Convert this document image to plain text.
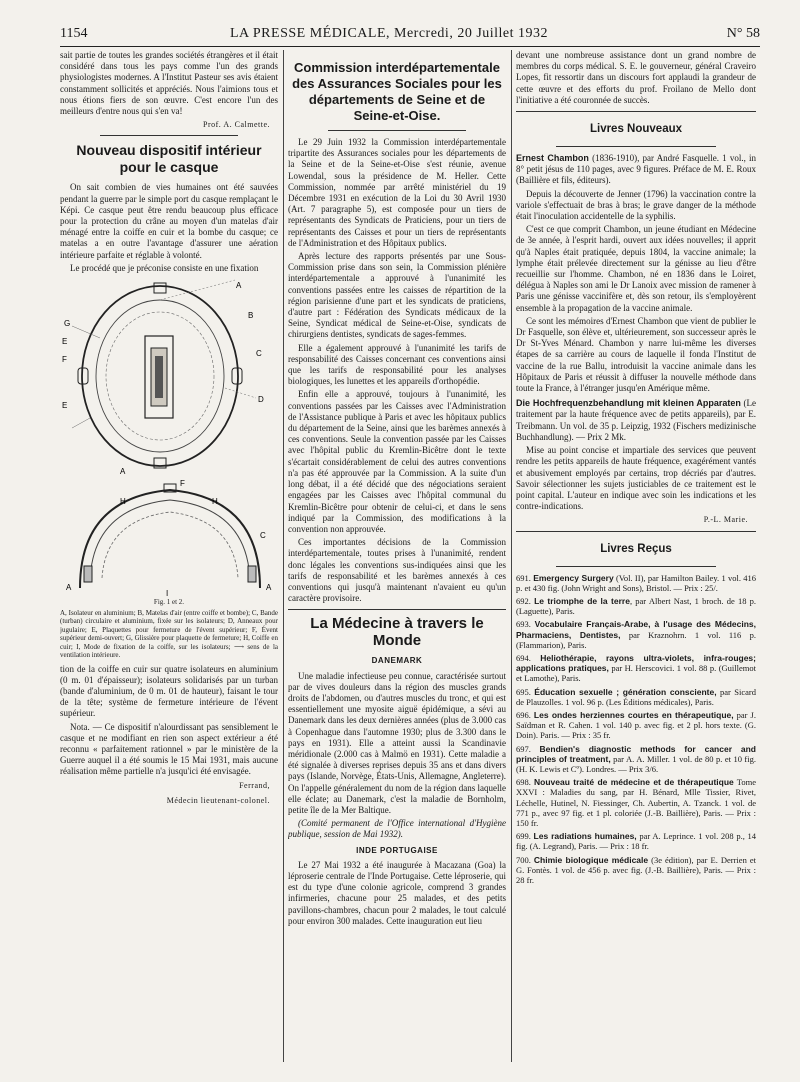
1154	LA PRESSE MÉDICALE, Mercredi, 20 Juillet 1932	N° 58

sait partie de toutes les grandes sociétés étrangères et il était considéré dans tous les pays comme l'un des grands physiologistes modernes. A l'Institut Pasteur ses avis étaient constamment sollicités et appréciés. Nous l'aimions tous et nous étions fiers de son œuvre. C'est encore l'un des meilleurs d'entre nous qui s'en va!

Prof. A. Calmette.
Nouveau dispositif intérieur pour le casque

On sait combien de vies humaines ont été sauvées pendant la guerre par le simple port du casque remplaçant le Képi. Ce casque peut être rendu beaucoup plus efficace pour la protection du crâne au moyen d'un matelas d'air ménagé entre la coiffe en cuir et la bombe du casque; ce matelas a en outre l'avantage d'assurer une aération intérieure parfaite et réglable à volonté.

Le procédé que je préconise consiste en une fixation

A
B
C
D
G
E
F
E
A
F
H	H
C
A	A
I
Fig. 1 et 2.
A, Isolateur en aluminium; B, Matelas d'air (entre coiffe et bombe); C, Bande (turban) circulaire et aluminium, fixée sur les isolateurs; D, Anneaux pour jugulaire; E, Plaquettes pour fermeture de l'évent supérieur; F, Évent supérieur demi-ouvert; G, Glissière pour plaquette de fermeture; H, Coiffe en cuir; I, Mode de fixation de la coiffe, sur les isolateurs; ⟶ sens de la ventilation intérieure.

tion de la coiffe en cuir sur quatre isolateurs en aluminium (0 m. 01 d'épaisseur); isolateurs solidarisés par un turban (bande d'aluminium, de 0 m. 01 de hauteur), faisant le tour de la tête; système de fermeture intérieure de l'évent supérieur.

Nota. — Ce dispositif n'alourdissant pas sensiblement le casque et ne modifiant en rien son aspect extérieur a été reconnu « parfaitement rationnel » par le ministère de la Guerre auquel il a été soumis le 15 Mai 1931, mais aucune réalisation même partielle n'a jusqu'ici été envisagée.

Ferrand,
Médecin lieutenant-colonel.
Commission interdépartementale des Assurances Sociales pour les départements de Seine et de Seine-et-Oise.

Le 29 Juin 1932 la Commission interdépartementale tripartite des Assurances sociales pour les départements de la Seine et de la Seine-et-Oise s'est réunie, avenue Lowendal, sous la présidence de M. Heller. Cette Commission, nommée par arrêté ministériel du 19 Décembre 1931 en exécution de la Loi du 30 Avril 1930 (Art. 7 paragraphe 5), est composée pour un tiers de représentants des Syndicats de Praticiens, pour un tiers de représentants des Caisses et pour un tiers de représentants de l'Administration et des Hôpitaux publics.

Après lecture des rapports présentés par une Sous-Commission prise dans son sein, la Commission plénière interdépartementale a approuvé à l'unanimité les conventions passées entre les caisses de répartition de la région parisienne d'une part et les syndicats de praticiens, d'autre part : Fédération des Syndicats médicaux de la Seine, Syndicat médical de Seine-et-Oise, syndicats de chirurgiens dentistes, syndicats de sages-femmes.

Elle a également approuvé à l'unanimité les tarifs de responsabilité des Caisses concernant ces conventions ainsi que les tarifs de responsabilité pour les analyses biologiques, les lunettes et les appareils d'orthopédie.

Enfin elle a approuvé, toujours à l'unanimité, les conventions passées par les Caisses avec l'Administration de l'Assistance publique à Paris et avec les hôpitaux publics du département de la Seine, ainsi que les barèmes annexés à ces conventions. Seule la convention passée par les Caisses avec l'hôpital public du Kremlin-Bicêtre dont le texte s'écartait considérablement de celui des autres conventions n'a pas été approuvée par la Commission. A la suite d'un long débat, il a été décidé que des négociations seraient engagées par les Caisses avec l'hôpital communal du Kremlin-Bicêtre pour obtenir de celui-ci, et dans le sens indiqué par la Commission, des modifications à la convention non approuvée.

Ces importantes décisions de la Commission interdépartementale, toutes prises à l'unanimité, rendent donc légales les conventions sus-indiquées ainsi que les tarifs de responsabilité et les barèmes annexés à ces conventions qui jusqu'à maintenant n'avaient eu qu'un caractère provisoire.

La Médecine à travers le Monde
DANEMARK

Une maladie infectieuse peu connue, caractérisée surtout par de vives douleurs dans la région des muscles grands droits de l'abdomen, ou d'autres muscles du tronc, et qui est essentiellement une myosite aiguë épidémique, a sévi au Danemark dans les deux dernières années (plus de 3.000 cas à Copenhague dans l'automne 1930; plus de 3.300 dans le pays en 1931). Elle a atteint aussi la Scandinavie méridionale (2.000 cas à Malmö en 1931). Cette maladie a été signalée à diverses reprises depuis 35 ans et dans divers pays (Islande, Norvège, États-Unis, Allemagne, Angleterre). On l'appelle généralement du nom de la région dans laquelle elle éclate; au Danemark, c'est la maladie de Bornholm, petite île de la Mer Baltique.

(Comité permanent de l'Office international d'Hygiène publique, session de Mai 1932).

INDE PORTUGAISE

Le 27 Mai 1932 a été inaugurée à Macazana (Goa) la léproserie centrale de l'Inde Portugaise. Cette léproserie, qui est du type d'une colonie agricole, comprend 3 grandes infirmeries, chacune pour 25 malades, et des petits pavillons-chambres, chacun pour 2 malades, le tout calculé pour environ 300 malades. Cette inauguration eut lieu

devant une nombreuse assistance dont un grand nombre de membres du corps médical. S. E. le gouverneur, général Craveiro Lopes, fit ressortir dans un discours fort applaudi la grandeur de cette œuvre et des efforts du prof. Froilano de Mello dont l'initiative a été couronnée de succès.

Livres Nouveaux

Ernest Chambon (1836-1910), par André Fasquelle. 1 vol., in 8° petit jésus de 110 pages, avec 9 figures. Préface de M. E. Roux (Baillière et fils, éditeurs).

Depuis la découverte de Jenner (1796) la vaccination contre la variole s'effectuait de bras à bras; le grave danger de la méthode était l'inoculation accidentelle de la syphilis.

C'est ce que comprit Chambon, un jeune étudiant en Médecine de 3e année, à l'esprit hardi, ouvert aux idées nouvelles; il apprit qu'à Naples était pratiquée, depuis 1804, la vaccine animale; la lymphe était prélevée directement sur la génisse au lieu d'être recueillie sur l'homme. Chambon, né en 1836 dans le Loiret, délégua à Naples son ami le Dr Lanoix avec mission de ramener à Paris une génisse vaccinifère et, dès son retour, ils s'employèrent ensemble à la propagation de la vaccine animale.

Ce sont les mémoires d'Ernest Chambon que vient de publier le Dr Fasquelle, son élève et, ultérieurement, son successeur après le Dr St-Yves Ménard. Chambon y narre lui-même les diverses étapes de sa carrière au cours de laquelle il fonda l'Institut de vaccine de la rue Ballu, introduisit la vaccine animale dans les Hôpitaux de Paris et réussit à diffuser la nouvelle méthode dans toute la France, à l'étranger jusqu'en Amérique même.

Die Hochfrequenzbehandlung mit kleinen Apparaten (Le traitement par la haute fréquence avec de petits appareils), par E. Treibmann. Un vol. de 35 p. Leipzig, 1932 (Fischers medizinische Buchhandlung). — Prix 2 Mk.

Mise au point concise et impartiale des services que peuvent rendre les petits appareils de haute fréquence, exagérément vantés et abusivement employés par certains, trop décriés par d'autres. Savoir sélectionner les sujets justiciables de ce traitement est le point capital. L'auteur en indique avec soin les indications et les contre-indications.

P.-L. Marie.
Livres Reçus

691. Emergency Surgery (Vol. II), par Hamilton Bailey. 1 vol. 416 p. et 430 fig. (John Wright and Sons), Bristol. — Prix : 25/.

692. Le triomphe de la terre, par Albert Nast, 1 broch. de 18 p. (Laguette), Paris.

693. Vocabulaire Français-Arabe, à l'usage des Médecins, Pharmaciens, Dentistes, par Kraznohrn. 1 vol. 116 p. (Flammarion), Paris.

694. Heliothérapie, rayons ultra-violets, infra-rouges; applications pratiques, par H. Herscovici. 1 vol. 88 p. (Guillemot et Lamothe), Paris.

695. Éducation sexuelle ; génération consciente, par Sicard de Plauzolles. 1 vol. 96 p. (Les Éditions médicales), Paris.

696. Les ondes herziennes courtes en thérapeutique, par J. Saïdman et R. Cahen. 1 vol. 140 p. avec fig. et 2 pl. hors texte. (G. Doin). Paris. — Prix : 35 fr.

697. Bendien's diagnostic methods for cancer and principles of treatment, par A. A. Miller. 1 vol. de 80 p. et 10 fig. (H. K. Lewis et Cº). Londres. — Prix 3/6.

698. Nouveau traité de médecine et de thérapeutique Tome XXVI : Maladies du sang, par H. Bénard, Mlle Tissier, Rivet, Léchelle, Hutinel, N. Fiessinger, Ch. Aubertin, A. Tzanck. 1 vol. de 771 p., avec 97 fig. et 1 pl. coloriée (J.-B. Baillière), Paris. — Prix : 150 fr.

699. Les radiations humaines, par A. Leprince. 1 vol. 208 p., 14 fig. (A. Legrand), Paris. — Prix : 18 fr.

700. Chimie biologique médicale (3e édition), par E. Derrien et G. Fontès. 1 vol. de 456 p. avec fig. (J.-B. Baillière), Paris. — Prix : 28 fr.
